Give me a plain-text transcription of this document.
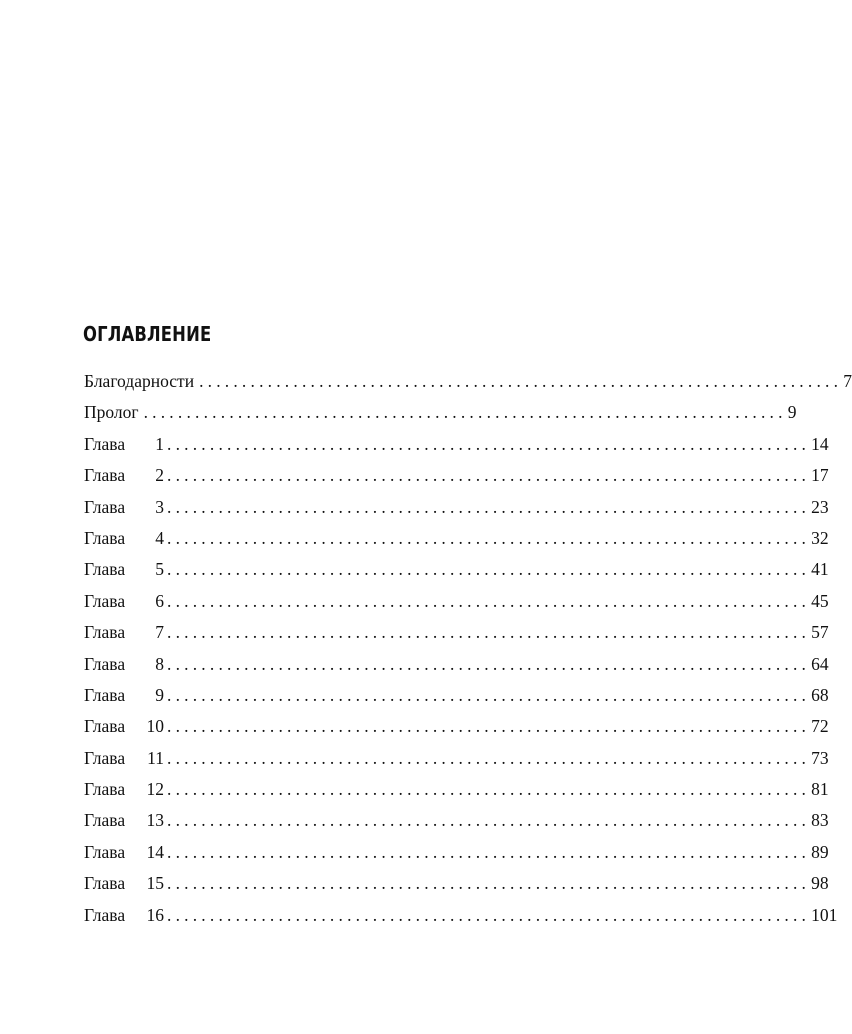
ОГЛАВЛЕНИЕ
Благодарности ........................................................................... 7
Пролог ........................................................................... 9
Глава 1 ........................................................................... 14
Глава 2 ........................................................................... 17
Глава 3 ........................................................................... 23
Глава 4 ........................................................................... 32
Глава 5 ........................................................................... 41
Глава 6 ........................................................................... 45
Глава 7 ........................................................................... 57
Глава 8 ........................................................................... 64
Глава 9 ........................................................................... 68
Глава 10 ........................................................................... 72
Глава 11 ........................................................................... 73
Глава 12 ........................................................................... 81
Глава 13 ........................................................................... 83
Глава 14 ........................................................................... 89
Глава 15 ........................................................................... 98
Глава 16 ........................................................................... 101
